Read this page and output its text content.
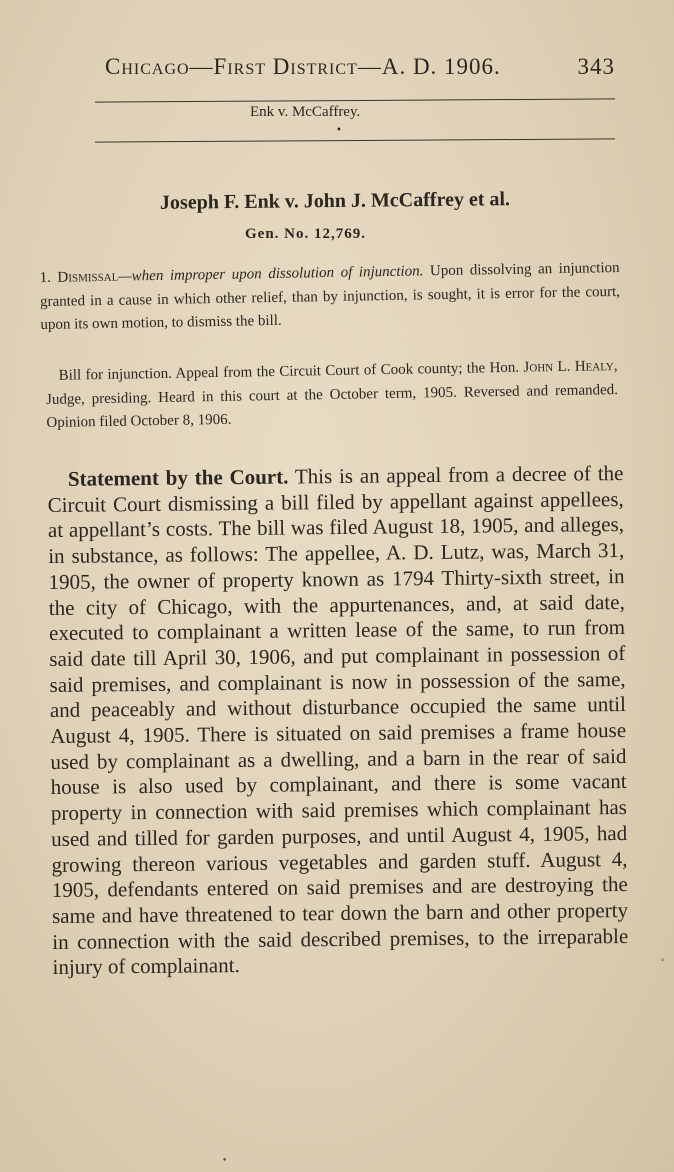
Chicago—First District—A. D. 1906.	343
Enk v. McCaffrey.
•
Joseph F. Enk v. John J. McCaffrey et al.
Gen. No. 12,769.
1. Dismissal—when improper upon dissolution of injunction. Upon dissolving an injunction granted in a cause in which other relief, than by injunction, is sought, it is error for the court, upon its own motion, to dismiss the bill.
Bill for injunction. Appeal from the Circuit Court of Cook county; the Hon. John L. Healy, Judge, presiding. Heard in this court at the October term, 1905. Reversed and remanded. Opinion filed October 8, 1906.
Statement by the Court. This is an appeal from a decree of the Circuit Court dismissing a bill filed by appellant against appellees, at appellant’s costs. The bill was filed August 18, 1905, and alleges, in substance, as follows: The appellee, A. D. Lutz, was, March 31, 1905, the owner of property known as 1794 Thirty-sixth street, in the city of Chicago, with the appurtenances, and, at said date, executed to complainant a written lease of the same, to run from said date till April 30, 1906, and put complainant in possession of said premises, and complainant is now in possession of the same, and peaceably and without disturbance occupied the same until August 4, 1905. There is situated on said premises a frame house used by complainant as a dwelling, and a barn in the rear of said house is also used by complainant, and there is some vacant property in connection with said premises which complainant has used and tilled for garden purposes, and until August 4, 1905, had growing thereon various vegetables and garden stuff. August 4, 1905, defendants entered on said premises and are destroying the same and have threatened to tear down the barn and other property in connection with the said described premises, to the irreparable injury of complainant.	ˬ
•
